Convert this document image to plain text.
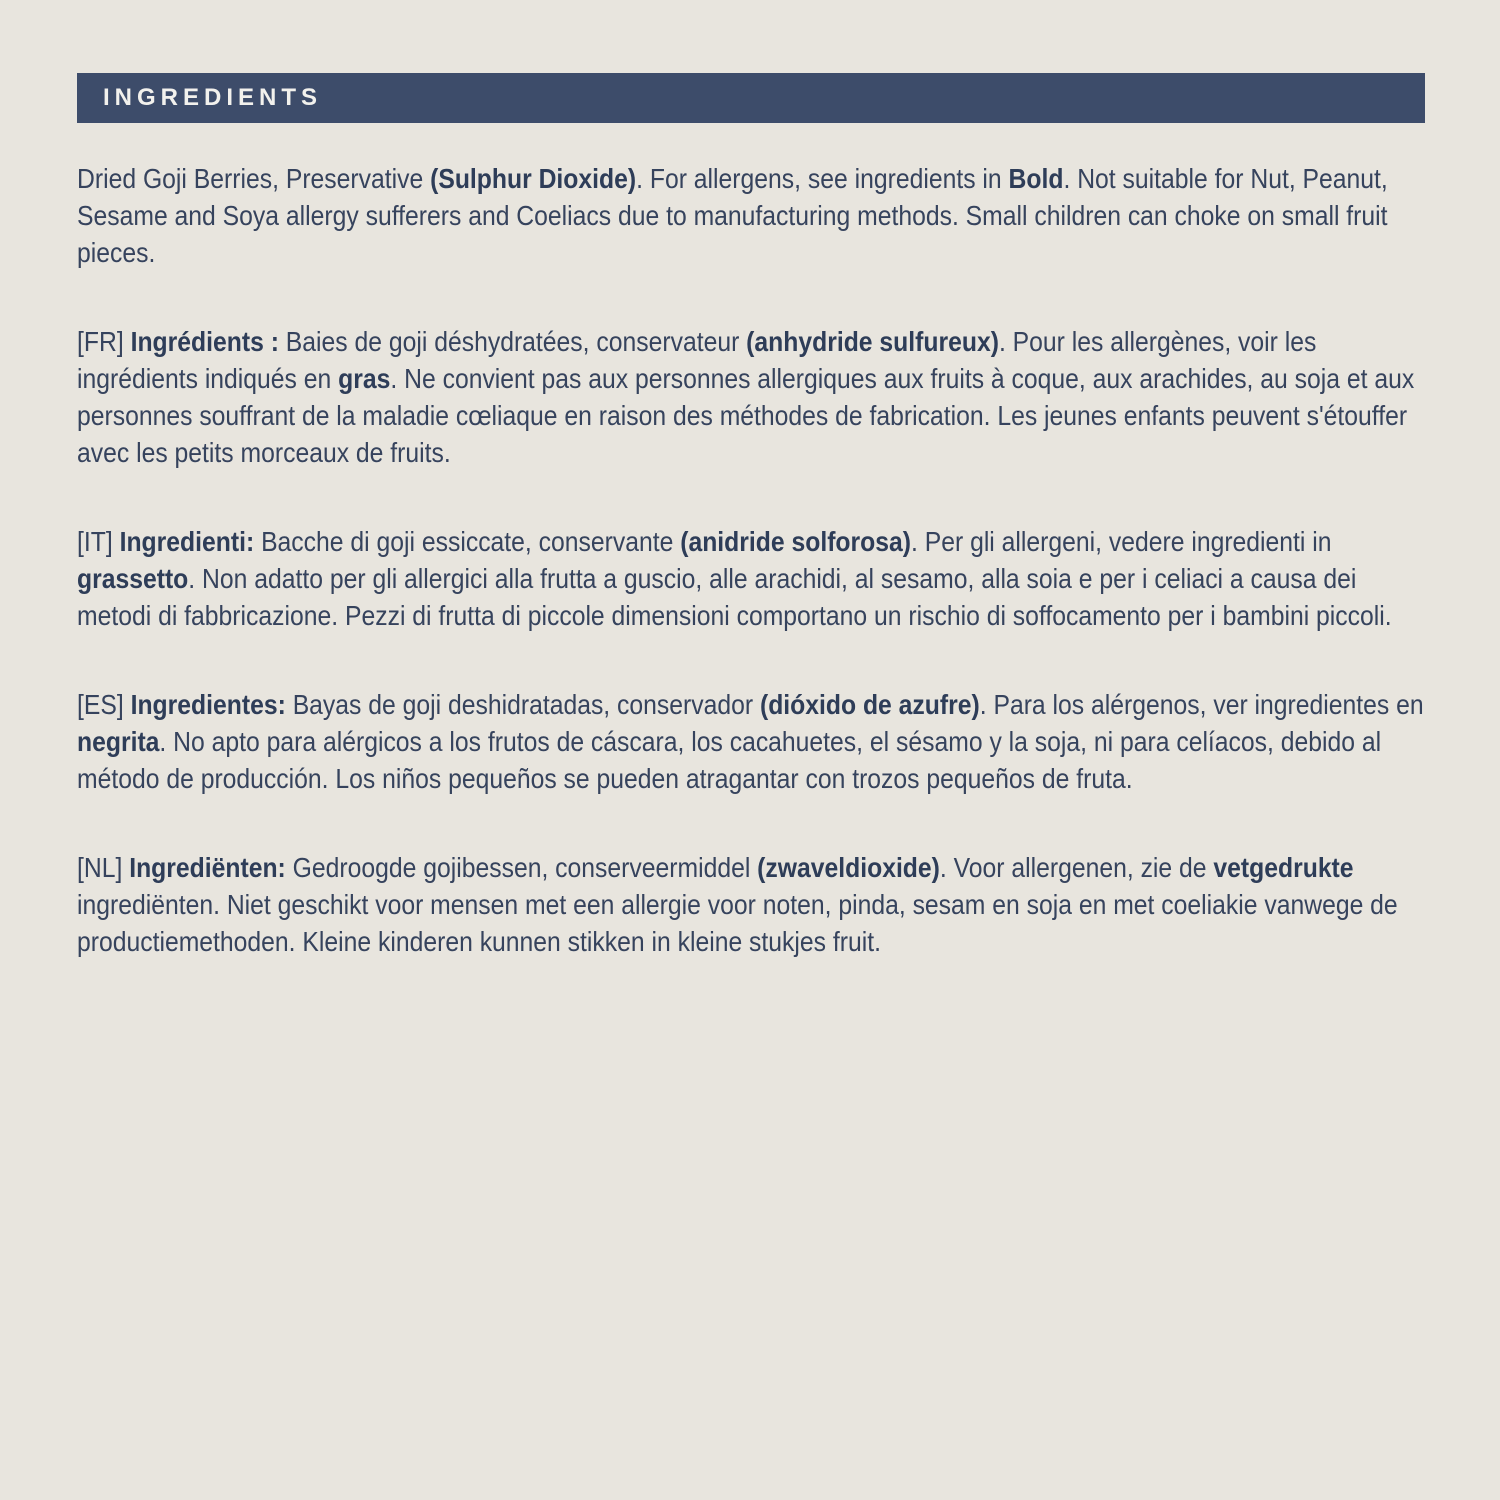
INGREDIENTS
Dried Goji Berries, Preservative (Sulphur Dioxide). For allergens, see ingredients in Bold. Not suitable for Nut, Peanut, Sesame and Soya allergy sufferers and Coeliacs due to manufacturing methods. Small children can choke on small fruit pieces.
[FR] Ingrédients : Baies de goji déshydratées, conservateur (anhydride sulfureux). Pour les allergènes, voir les ingrédients indiqués en gras. Ne convient pas aux personnes allergiques aux fruits à coque, aux arachides, au soja et aux personnes souffrant de la maladie cœliaque en raison des méthodes de fabrication. Les jeunes enfants peuvent s'étouffer avec les petits morceaux de fruits.
[IT] Ingredienti: Bacche di goji essiccate, conservante (anidride solforosa). Per gli allergeni, vedere ingredienti in grassetto. Non adatto per gli allergici alla frutta a guscio, alle arachidi, al sesamo, alla soia e per i celiaci a causa dei metodi di fabbricazione. Pezzi di frutta di piccole dimensioni comportano un rischio di soffocamento per i bambini piccoli.
[ES] Ingredientes: Bayas de goji deshidratadas, conservador (dióxido de azufre). Para los alérgenos, ver ingredientes en negrita. No apto para alérgicos a los frutos de cáscara, los cacahuetes, el sésamo y la soja, ni para celíacos, debido al método de producción. Los niños pequeños se pueden atragantar con trozos pequeños de fruta.
[NL] Ingrediënten: Gedroogde gojibessen, conserveermiddel (zwaveldioxide). Voor allergenen, zie de vetgedrukte ingrediënten. Niet geschikt voor mensen met een allergie voor noten, pinda, sesam en soja en met coeliakie vanwege de productiemethoden. Kleine kinderen kunnen stikken in kleine stukjes fruit.
